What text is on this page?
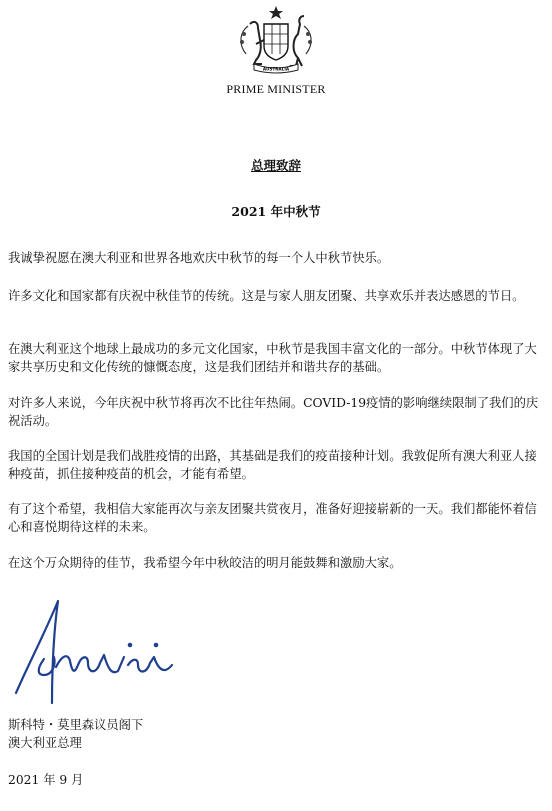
AUSTRALIA
PRIME MINISTER
总理致辞
2021 年中秋节

我诚挚祝愿在澳大利亚和世界各地欢庆中秋节的每一个人中秋节快乐。

许多文化和国家都有庆祝中秋佳节的传统。这是与家人朋友团聚、共享欢乐并表达感恩的节日。

在澳大利亚这个地球上最成功的多元文化国家，中秋节是我国丰富文化的一部分。中秋节体现了大家共享历史和文化传统的慷慨态度，这是我们团结并和谐共存的基础。

对许多人来说，今年庆祝中秋节将再次不比往年热闹。COVID-19疫情的影响继续限制了我们的庆祝活动。

我国的全国计划是我们战胜疫情的出路，其基础是我们的疫苗接种计划。我敦促所有澳大利亚人接种疫苗，抓住接种疫苗的机会，才能有希望。

有了这个希望，我相信大家能再次与亲友团聚共赏夜月，准备好迎接崭新的一天。我们都能怀着信心和喜悦期待这样的未来。

在这个万众期待的佳节，我希望今年中秋皎洁的明月能鼓舞和激励大家。

斯科特・莫里森议员阁下

澳大利亚总理

2021 年 9 月
